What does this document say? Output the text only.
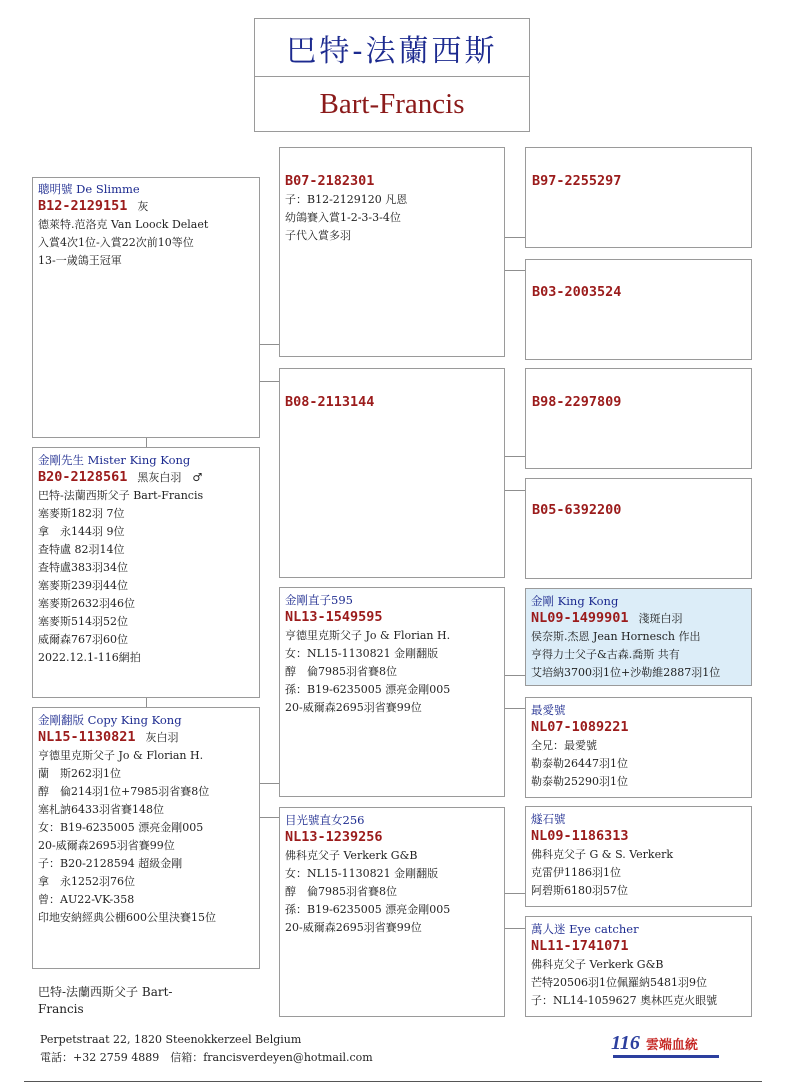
巴特-法蘭西斯
Bart-Francis
聰明號 De Slimme
B12-2129151 灰
德萊特.范洛克 Van Loock Delaet
入賞4次1位-入賞22次前10等位
13-一歲鴿王冠軍
金剛先生 Mister King Kong
B20-2128561 黑灰白羽　♂
巴特-法蘭西斯父子 Bart-Francis
塞麥斯182羽 7位
拿　永144羽 9位
查特盧 82羽14位
查特盧383羽34位
塞麥斯239羽44位
塞麥斯2632羽46位
塞麥斯514羽52位
威爾森767羽60位
2022.12.1-116網拍
金剛翻版 Copy King Kong
NL15-1130821 灰白羽
亨德里克斯父子 Jo & Florian H.
蘭　斯262羽1位
醇　倫214羽1位+7985羽省賽8位
塞札訥6433羽省賽148位
女：B19-6235005 漂亮金剛005
20-威爾森2695羽省賽99位
子：B20-2128594 超級金剛
拿　永1252羽76位
曾：AU22-VK-358
印地安納經典公棚600公里決賽15位
B07-2182301
子：B12-2129120 凡恩
幼鴿賽入賞1-2-3-3-4位
子代入賞多羽
B08-2113144
金剛直子595
NL13-1549595
亨德里克斯父子 Jo & Florian H.
女：NL15-1130821 金剛翻版
醇　倫7985羽省賽8位
孫：B19-6235005 漂亮金剛005
20-威爾森2695羽省賽99位
目光號直女256
NL13-1239256
佛科克父子 Verkerk G&B
女：NL15-1130821 金剛翻版
醇　倫7985羽省賽8位
孫：B19-6235005 漂亮金剛005
20-威爾森2695羽省賽99位
B97-2255297
B03-2003524
B98-2297809
B05-6392200
金剛 King Kong
NL09-1499901 淺斑白羽
侯奈斯.杰恩 Jean Hornesch 作出
亨得力士父子&古森.喬斯 共有
艾培納3700羽1位+沙勒維2887羽1位
最愛號
NL07-1089221
全兄：最愛號
勒泰勒26447羽1位
勒泰勒25290羽1位
燧石號
NL09-1186313
佛科克父子 G & S. Verkerk
克雷伊1186羽1位
阿碧斯6180羽57位
萬人迷 Eye catcher
NL11-1741071
佛科克父子 Verkerk G&B
芒特20506羽1位佩羅納5481羽9位
子：NL14-1059627 奧林匹克火眼號
巴特-法蘭西斯父子 Bart-
Francis
Perpetstraat 22, 1820 Steenokkerzeel Belgium
電話：+32 2759 4889　信箱：francisverdeyen@hotmail.com
116 雲端血統
